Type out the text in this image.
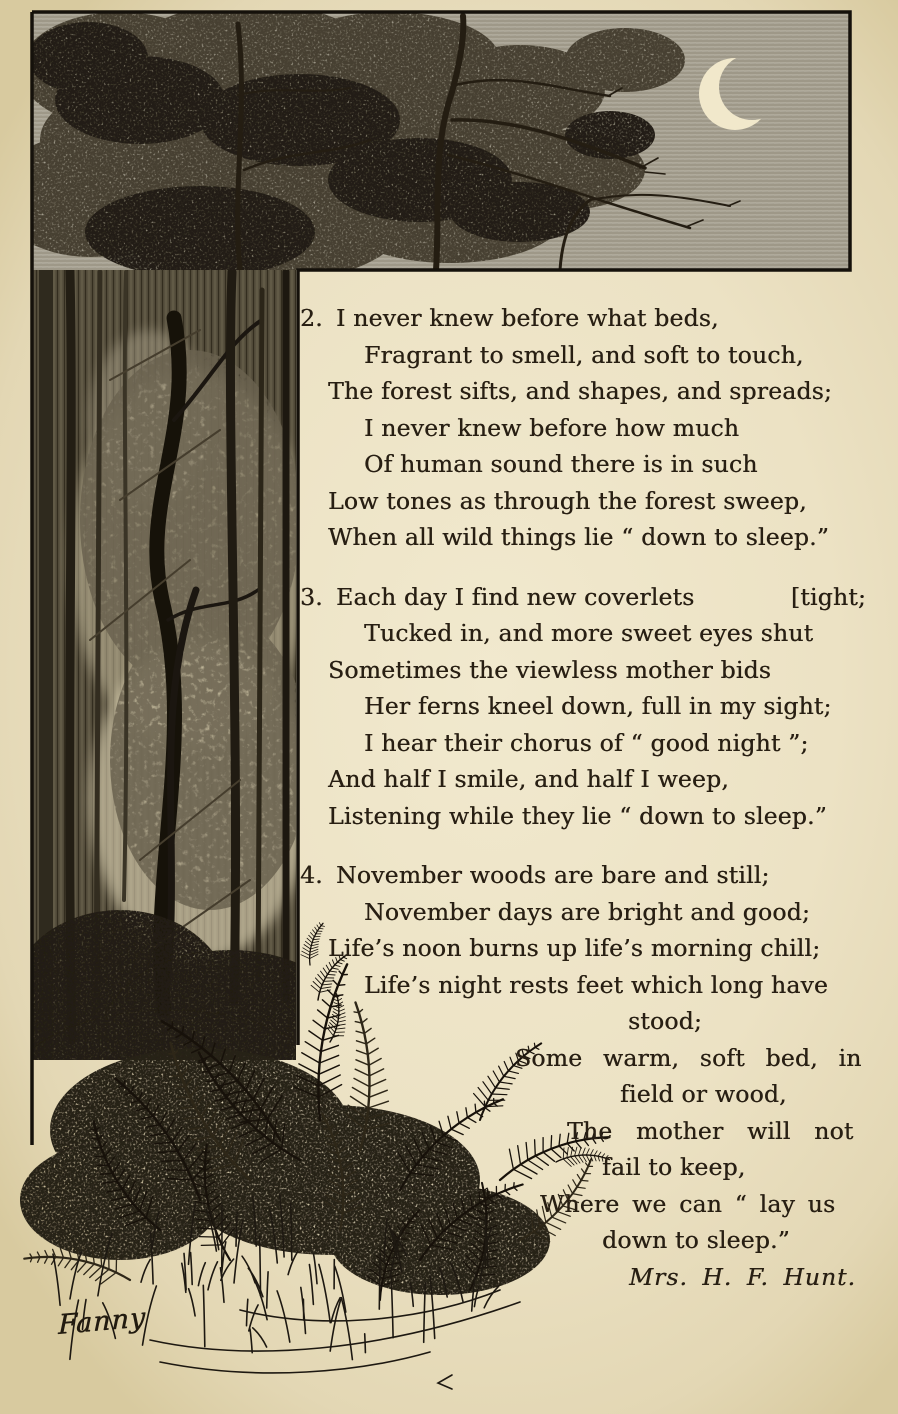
2. I never knew before what beds,
Fragrant to smell, and soft to touch,
The forest sifts, and shapes, and spreads;
I never knew before how much
Of human sound there is in such
Low tones as through the forest sweep,
When all wild things lie “ down to sleep.”
3. Each day I find new coverlets	[tight;
Tucked in, and more sweet eyes shut
Sometimes the viewless mother bids
Her ferns kneel down, full in my sight;
I hear their chorus of “ good night ”;
And half I smile, and half I weep,
Listening while they lie “ down to sleep.”
4. November woods are bare and still;
November days are bright and good;
Life’s noon burns up life’s morning chill;
Life’s night rests feet which long have
stood;
Some warm, soft bed, in
field or wood,
The mother will not
fail to keep,
Where we can “ lay us
down to sleep.”
Mrs. H. F. Hunt.
Fanny
